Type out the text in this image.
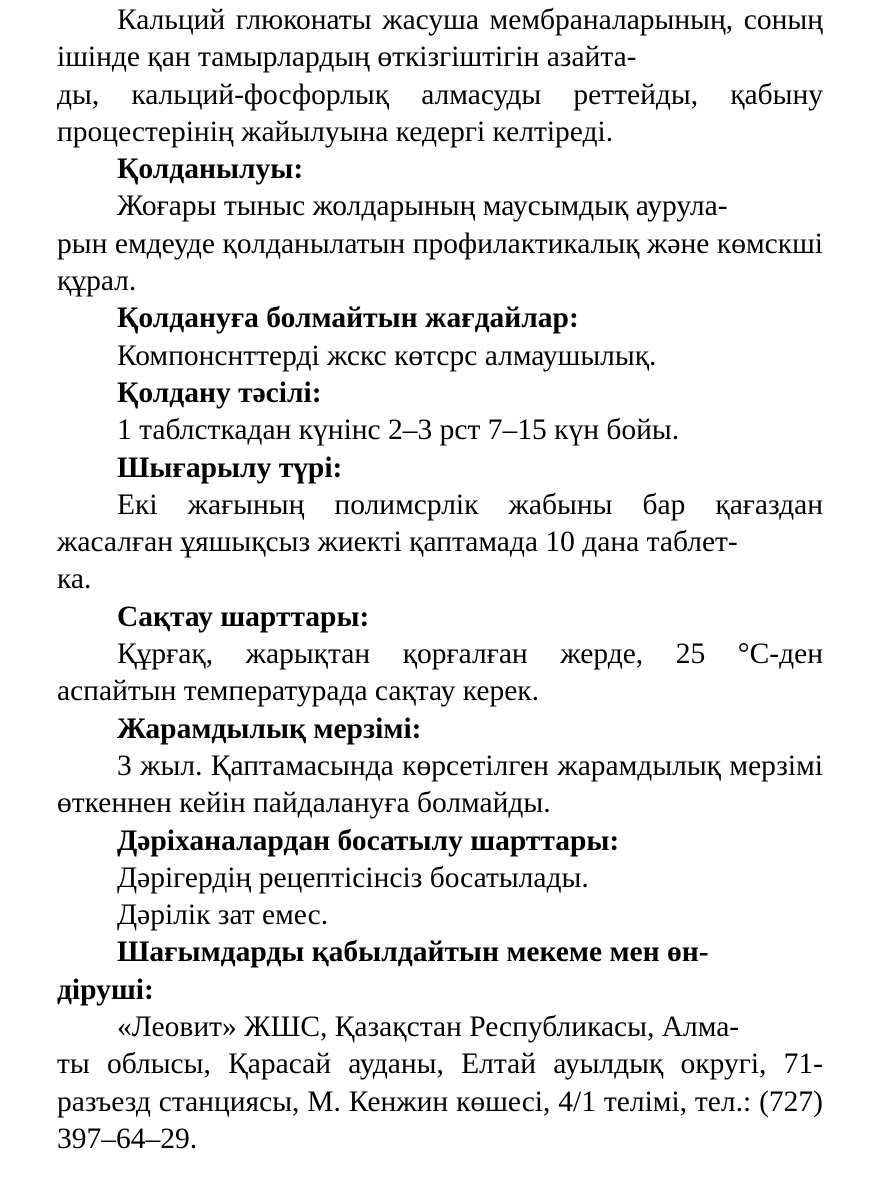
Кальций глюконаты жасуша мембраналарының, соның ішінде қан тамырлардың өткізгіштігін азайта-
ды, кальций-фосфорлық алмасуды реттейды, қабыну процестерінің жайылуына кедергі келтіреді.

Қолданылуы:

Жоғары тыныс жолдарының маусымдық аурула-
рын емдеуде қолданылатын профилактикалық және көмскші құрал.

Қолдануға болмайтын жағдайлар:

Компонснттерді жскс көтсрс алмаушылық.

Қолдану тәсілі:

1 таблсткадан күнінс 2–3 рст 7–15 күн бойы.

Шығарылу түрі:

Екі жағының полимсрлік жабыны бар қағаздан жасалған ұяшықсыз жиекті қаптамада 10 дана таблет-
ка.

Сақтау шарттары:

Құрғақ, жарықтан қорғалған жерде, 25 °С-ден аспайтын температурада сақтау керек.

Жарамдылық мерзімі:

3 жыл. Қаптамасында көрсетілген жарамдылық мерзімі өткеннен кейін пайдалануға болмайды.

Дәріханалардан босатылу шарттары:

Дәрігердің рецептісінсіз босатылады.

Дәрілік зат емес.

Шағымдарды қабылдайтын мекеме мен өн-
діруші:

«Леовит» ЖШС, Қазақстан Республикасы, Алма-
ты облысы, Қарасай ауданы, Елтай ауылдық округі, 71-разъезд станциясы, М. Кенжин көшесі, 4/1 телімі, тел.: (727) 397–64–29.
